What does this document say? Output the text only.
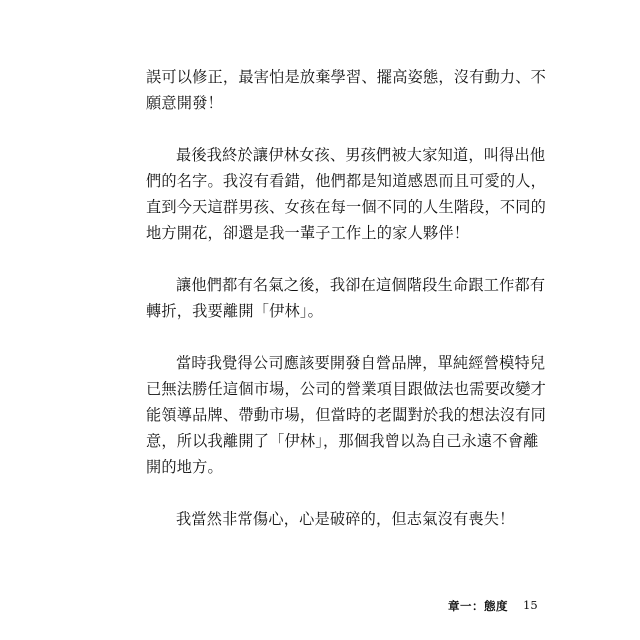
誤可以修正，最害怕是放棄學習、擺高姿態，沒有動力、不
願意開發！

最後我終於讓伊林女孩、男孩們被大家知道，叫得出他
們的名字。我沒有看錯，他們都是知道感恩而且可愛的人，
直到今天這群男孩、女孩在每一個不同的人生階段，不同的
地方開花，卻還是我一輩子工作上的家人夥伴！

讓他們都有名氣之後，我卻在這個階段生命跟工作都有
轉折，我要離開「伊林」。

當時我覺得公司應該要開發自營品牌，單純經營模特兒
已無法勝任這個市場，公司的營業項目跟做法也需要改變才
能領導品牌、帶動市場，但當時的老闆對於我的想法沒有同
意，所以我離開了「伊林」，那個我曾以為自己永遠不會離
開的地方。

我當然非常傷心，心是破碎的，但志氣沒有喪失！

章一：態度 15
